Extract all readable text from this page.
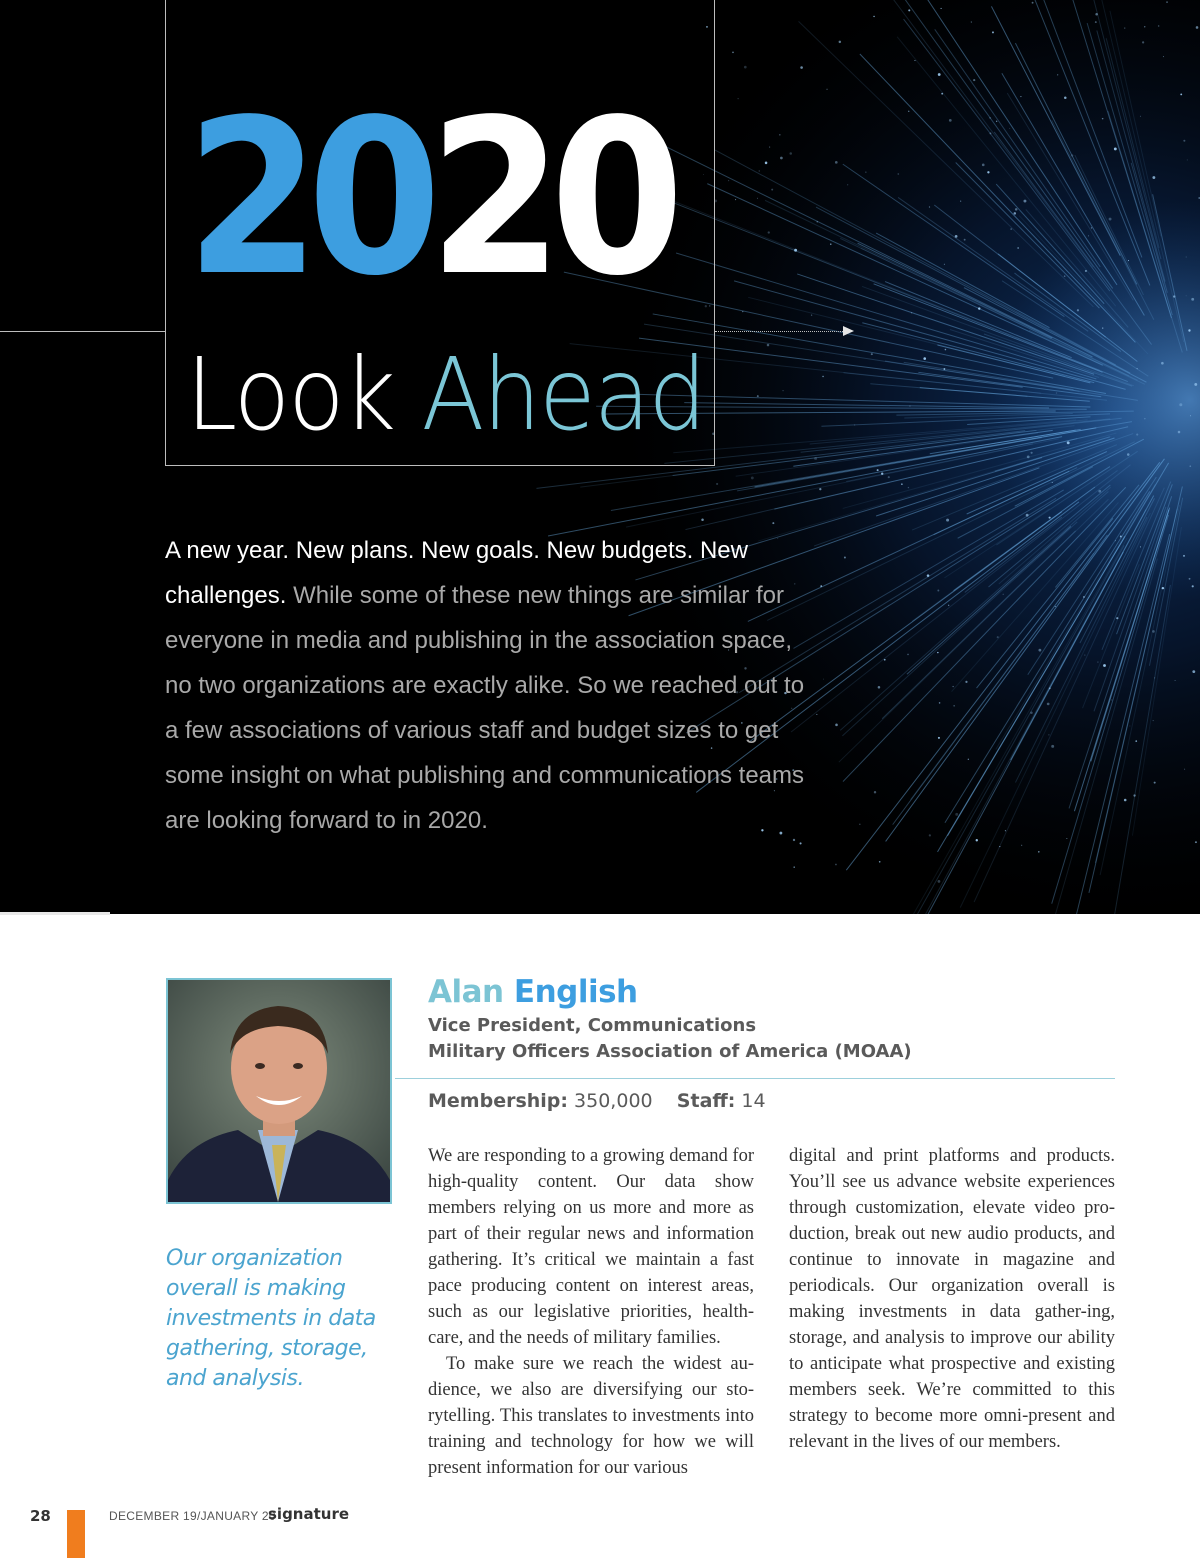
2020
Look Ahead
A new year. New plans. New goals. New budgets. New challenges. While some of these new things are similar for everyone in media and publishing in the association space, no two organizations are exactly alike. So we reached out to a few associations of various staff and budget sizes to get some insight on what publishing and communications teams are looking forward to in 2020.
Our organization overall is making investments in data gathering, storage, and analysis.
Alan English
Vice President, Communications
Military Officers Association of America (MOAA)
Membership: 350,000 Staff: 14

We are responding to a growing demand for high-quality content. Our data show members relying on us more and more as part of their regular news and information gathering. It’s critical we maintain a fast pace producing content on interest areas, such as our legislative priorities, health-care, and the needs of military families.

To make sure we reach the widest au-dience, we also are diversifying our sto-rytelling. This translates to investments into training and technology for how we will present information for our various

digital and print platforms and products. You’ll see us advance website experiences through customization, elevate video pro-duction, break out new audio products, and continue to innovate in magazine and periodicals. Our organization overall is making investments in data gather-ing, storage, and analysis to improve our ability to anticipate what prospective and existing members seek. We’re committed to this strategy to become more omni-present and relevant in the lives of our members.

28	DECEMBER 19/JANUARY 20
signature
